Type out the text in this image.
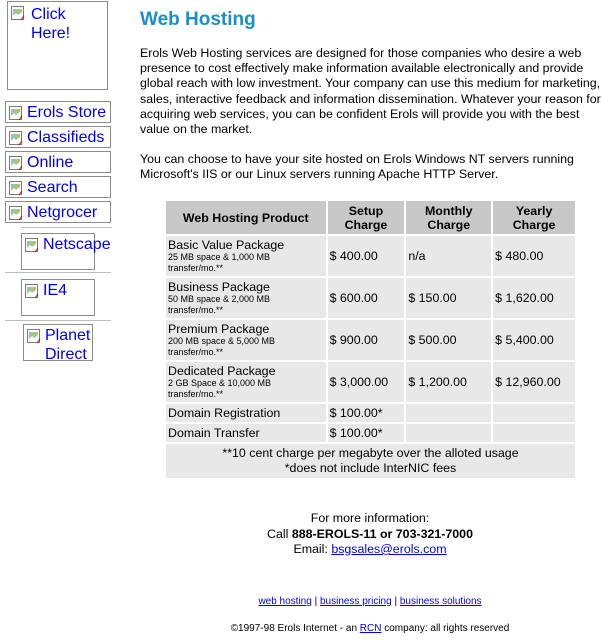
Click Here!
Erols Store
Classifieds
Online
Search
Netgrocer
Netscape
IE4
Planet Direct
Web Hosting

Erols Web Hosting services are designed for those companies who desire a web presence to cost effectively make information available electronically and provide global reach with low investment. Your company can use this medium for marketing, sales, interactive feedback and information dissemination. Whatever your reason for acquiring web services, you can be confident Erols will provide you with the best value on the market.

You can choose to have your site hosted on Erols Windows NT servers running Microsoft's IIS or our Linux servers running Apache HTTP Server.

Web Hosting Product	Setup Charge	Monthly Charge	Yearly Charge

Basic Value Package
25 MB space & 1,000 MB transfer/mo.**	$ 400.00	n/a	$ 480.00

Business Package
50 MB space & 2,000 MB transfer/mo.**	$ 600.00	$ 150.00	$ 1,620.00

Premium Package
200 MB space & 5,000 MB transfer/mo.**	$ 900.00	$ 500.00	$ 5,400.00

Dedicated Package
2 GB Space & 10,000 MB transfer/mo.**	$ 3,000.00	$ 1,200.00	$ 12,960.00
Domain Registration	$ 100.00*		
Domain Transfer	$ 100.00*		
**10 cent charge per megabyte over the alloted usage
*does not include InterNIC fees			

For more information:
Call 888-EROLS-11 or 703-321-7000
Email: bsgsales@erols.com

web hosting | business pricing | business solutions

©1997-98 Erols Internet - an RCN company: all rights reserved
